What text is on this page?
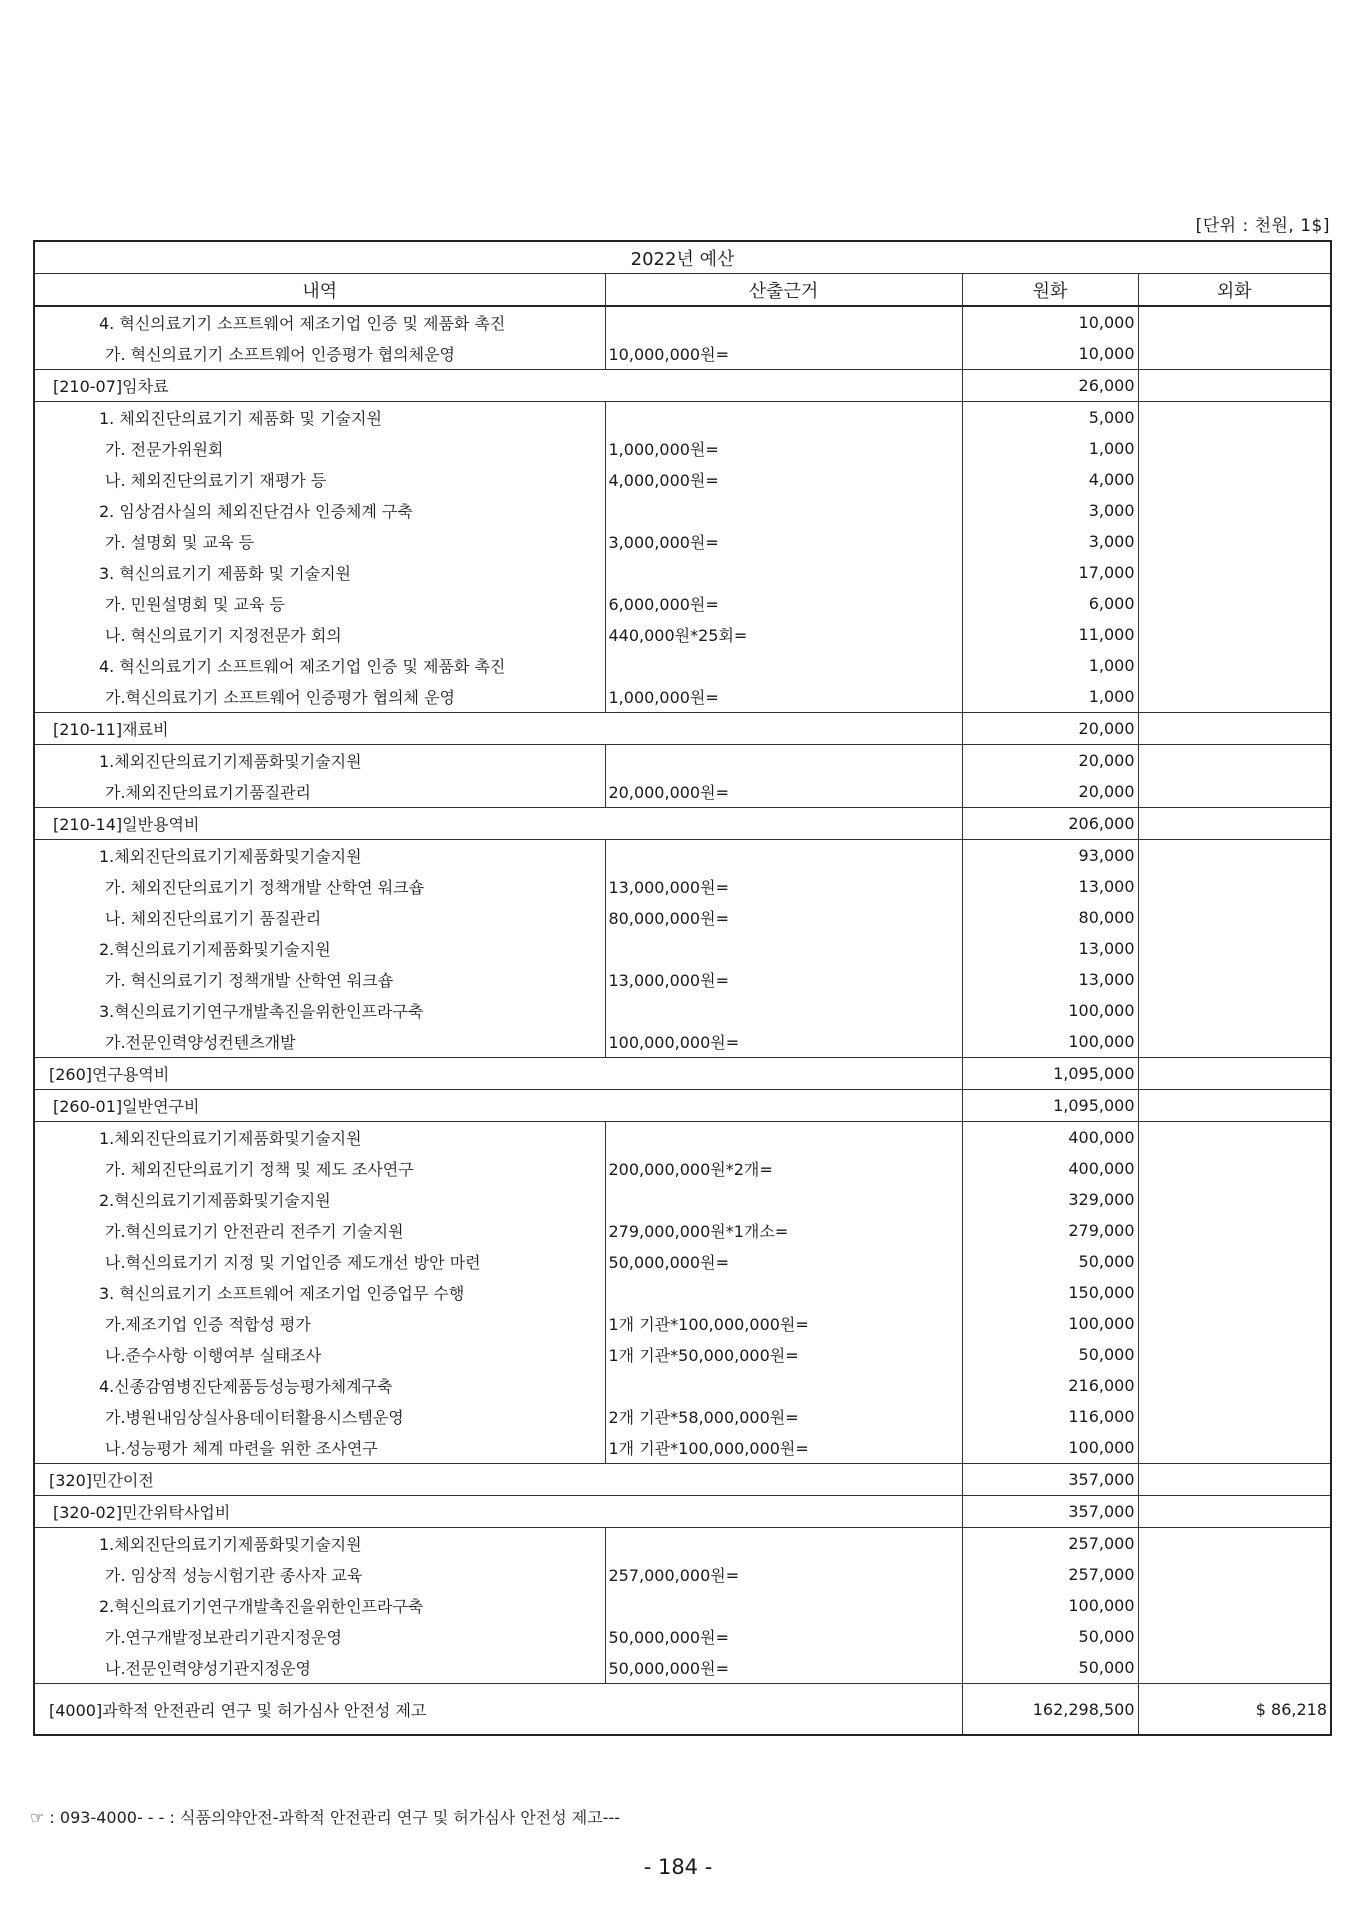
[단위 : 천원, 1$]
2022년 예산			
내역	산출근거	원화	외화
4. 혁신의료기기 소프트웨어 제조기업 인증 및 제품화 촉진		10,000	
가. 혁신의료기기 소프트웨어 인증평가 협의체운영	10,000,000원=	10,000	
[210-07]임차료		26,000	
1. 체외진단의료기기 제품화 및 기술지원		5,000	
가. 전문가위원회	1,000,000원=	1,000	
나. 체외진단의료기기 재평가 등	4,000,000원=	4,000	
2. 임상검사실의 체외진단검사 인증체계 구축		3,000	
가. 설명회 및 교육 등	3,000,000원=	3,000	
3. 혁신의료기기 제품화 및 기술지원		17,000	
가. 민원설명회 및 교육 등	6,000,000원=	6,000	
나. 혁신의료기기 지정전문가 회의	440,000원*25회=	11,000	
4. 혁신의료기기 소프트웨어 제조기업 인증 및 제품화 촉진		1,000	
가.혁신의료기기 소프트웨어 인증평가 협의체 운영	1,000,000원=	1,000	
[210-11]재료비		20,000	
1.체외진단의료기기제품화및기술지원		20,000	
가.체외진단의료기기품질관리	20,000,000원=	20,000	
[210-14]일반용역비		206,000	
1.체외진단의료기기제품화및기술지원		93,000	
가. 체외진단의료기기 정책개발 산학연 워크숍	13,000,000원=	13,000	
나. 체외진단의료기기 품질관리	80,000,000원=	80,000	
2.혁신의료기기제품화및기술지원		13,000	
가. 혁신의료기기 정책개발 산학연 워크숍	13,000,000원=	13,000	
3.혁신의료기기연구개발촉진을위한인프라구축		100,000	
가.전문인력양성컨텐츠개발	100,000,000원=	100,000	
[260]연구용역비		1,095,000	
[260-01]일반연구비		1,095,000	
1.체외진단의료기기제품화및기술지원		400,000	
가. 체외진단의료기기 정책 및 제도 조사연구	200,000,000원*2개=	400,000	
2.혁신의료기기제품화및기술지원		329,000	
가.혁신의료기기 안전관리 전주기 기술지원	279,000,000원*1개소=	279,000	
나.혁신의료기기 지정 및 기업인증 제도개선 방안 마련	50,000,000원=	50,000	
3. 혁신의료기기 소프트웨어 제조기업 인증업무 수행		150,000	
가.제조기업 인증 적합성 평가	1개 기관*100,000,000원=	100,000	
나.준수사항 이행여부 실태조사	1개 기관*50,000,000원=	50,000	
4.신종감염병진단제품등성능평가체계구축		216,000	
가.병원내임상실사용데이터활용시스템운영	2개 기관*58,000,000원=	116,000	
나.성능평가 체계 마련을 위한 조사연구	1개 기관*100,000,000원=	100,000	
[320]민간이전		357,000	
[320-02]민간위탁사업비		357,000	
1.체외진단의료기기제품화및기술지원		257,000	
가. 임상적 성능시험기관 종사자 교육	257,000,000원=	257,000	
2.혁신의료기기연구개발촉진을위한인프라구축		100,000	
가.연구개발정보관리기관지정운영	50,000,000원=	50,000	
나.전문인력양성기관지정운영	50,000,000원=	50,000	
[4000]과학적 안전관리 연구 및 허가심사 안전성 제고		162,298,500	$ 86,218
☞ : 093-4000- - - : 식품의약안전-과학적 안전관리 연구 및 허가심사 안전성 제고---
- 184 -
